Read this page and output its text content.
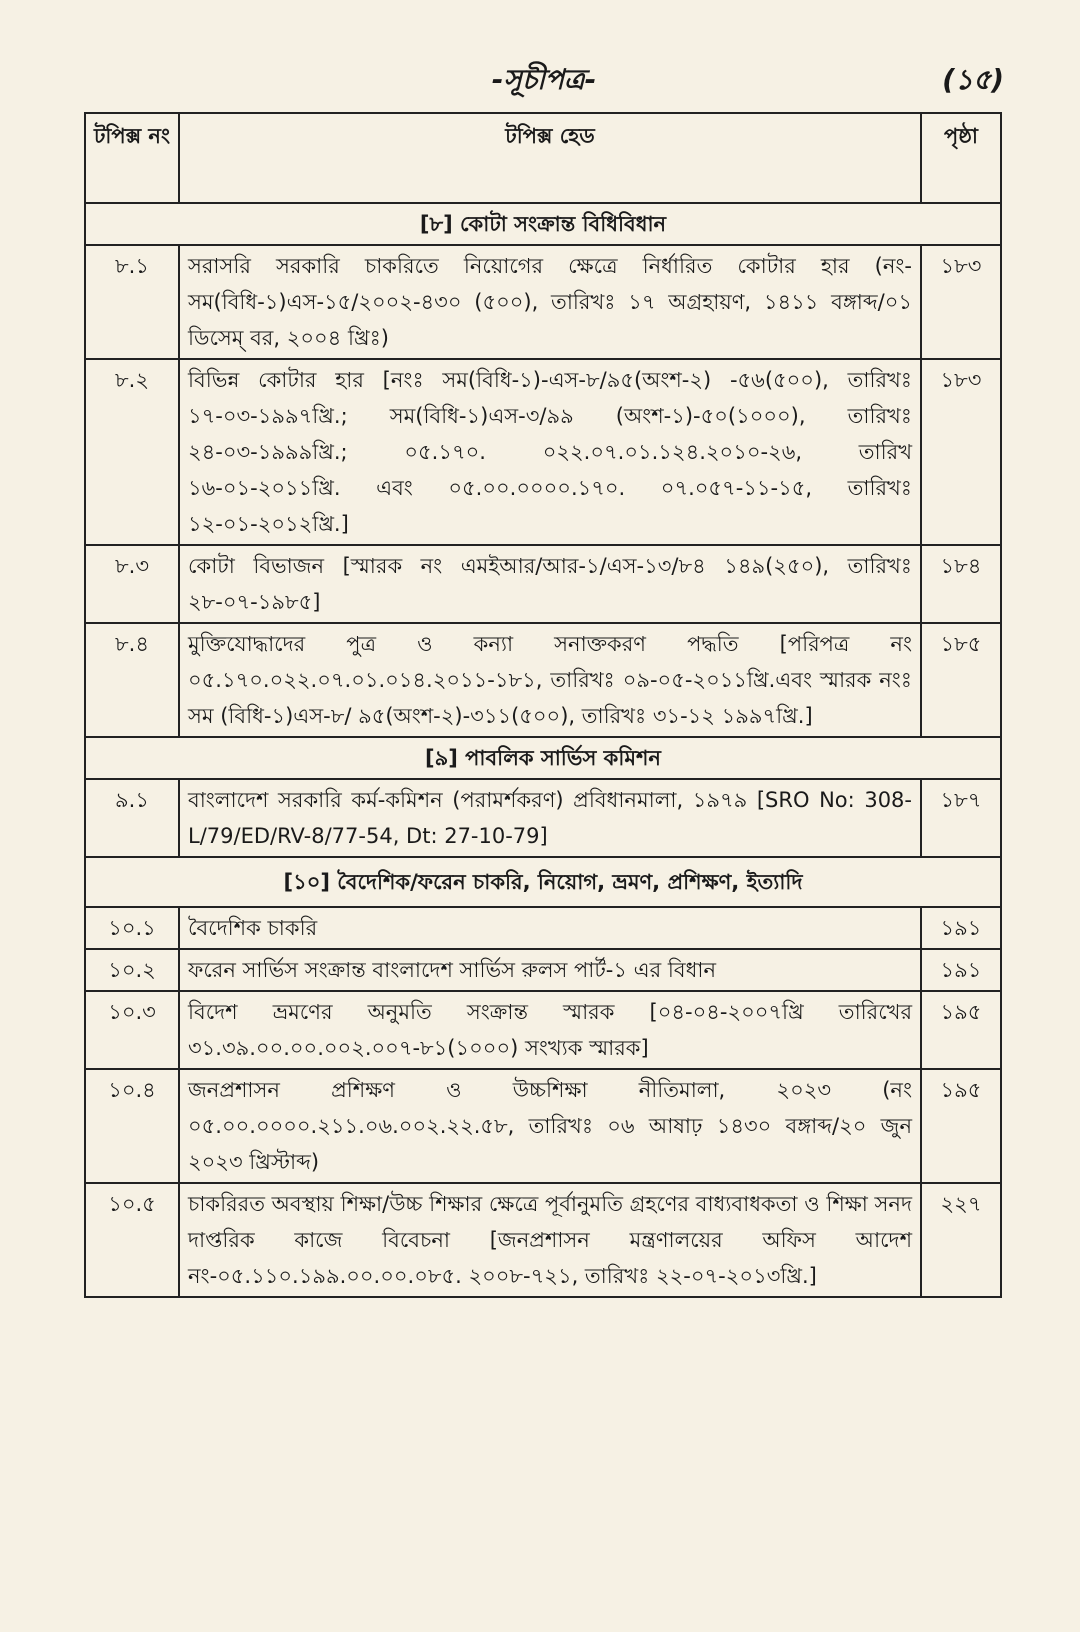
-সূচীপত্র-	(১৫)
টপিক্স নং	টপিক্স হেড	পৃষ্ঠা
[৮] কোটা সংক্রান্ত বিধিবিধান		
৮.১	সরাসরি সরকারি চাকরিতে নিয়োগের ক্ষেত্রে নির্ধারিত কোটার হার (নং-সম(বিধি-১)এস-১৫/২০০২-৪৩০ (৫০০), তারিখঃ ১৭ অগ্রহায়ণ, ১৪১১ বঙ্গাব্দ/০১ ডিসেম্ বর, ২০০৪ খ্রিঃ)	১৮৩
৮.২	বিভিন্ন কোটার হার [নংঃ সম(বিধি-১)-এস-৮/৯৫(অংশ-২) -৫৬(৫০০), তারিখঃ ১৭-০৩-১৯৯৭খ্রি.; সম(বিধি-১)এস-৩/৯৯ (অংশ-১)-৫০(১০০০), তারিখঃ ২৪-০৩-১৯৯৯খ্রি.; ০৫.১৭০. ০২২.০৭.০১.১২৪.২০১০-২৬, তারিখ ১৬-০১-২০১১খ্রি. এবং ০৫.০০.০০০০.১৭০. ০৭.০৫৭-১১-১৫, তারিখঃ ১২-০১-২০১২খ্রি.]	১৮৩
৮.৩	কোটা বিভাজন [স্মারক নং এমইআর/আর-১/এস-১৩/৮৪ ১৪৯(২৫০), তারিখঃ ২৮-০৭-১৯৮৫]	১৮৪
৮.৪	মুক্তিযোদ্ধাদের পুত্র ও কন্যা সনাক্তকরণ পদ্ধতি [পরিপত্র নং ০৫.১৭০.০২২.০৭.০১.০১৪.২০১১-১৮১, তারিখঃ ০৯-০৫-২০১১খ্রি.এবং স্মারক নংঃ সম (বিধি-১)এস-৮/ ৯৫(অংশ-২)-৩১১(৫০০), তারিখঃ ৩১-১২ ১৯৯৭খ্রি.]	১৮৫
[৯] পাবলিক সার্ভিস কমিশন		
৯.১	বাংলাদেশ সরকারি কর্ম-কমিশন (পরামর্শকরণ) প্রবিধানমালা, ১৯৭৯ [SRO No: 308-L/79/ED/RV-8/77-54, Dt: 27-10-79]	১৮৭
[১০] বৈদেশিক/ফরেন চাকরি, নিয়োগ, ভ্রমণ, প্রশিক্ষণ, ইত্যাদি		
১০.১	বৈদেশিক চাকরি	১৯১
১০.২	ফরেন সার্ভিস সংক্রান্ত বাংলাদেশ সার্ভিস রুলস পার্ট-১ এর বিধান	১৯১
১০.৩	বিদেশ ভ্রমণের অনুমতি সংক্রান্ত স্মারক [০৪-০৪-২০০৭খ্রি তারিখের ৩১.৩৯.০০.০০.০০২.০০৭-৮১(১০০০) সংখ্যক স্মারক]	১৯৫
১০.৪	জনপ্রশাসন প্রশিক্ষণ ও উচ্চশিক্ষা নীতিমালা, ২০২৩ (নং ০৫.০০.০০০০.২১১.০৬.০০২.২২.৫৮, তারিখঃ ০৬ আষাঢ় ১৪৩০ বঙ্গাব্দ/২০ জুন ২০২৩ খ্রিস্টাব্দ)	১৯৫
১০.৫	চাকরিরত অবস্থায় শিক্ষা/উচ্চ শিক্ষার ক্ষেত্রে পূর্বানুমতি গ্রহণের বাধ্যবাধকতা ও শিক্ষা সনদ দাপ্তরিক কাজে বিবেচনা [জনপ্রশাসন মন্ত্রণালয়ের অফিস আদেশ নং-০৫.১১০.১৯৯.০০.০০.০৮৫. ২০০৮-৭২১, তারিখঃ ২২-০৭-২০১৩খ্রি.]	২২৭
